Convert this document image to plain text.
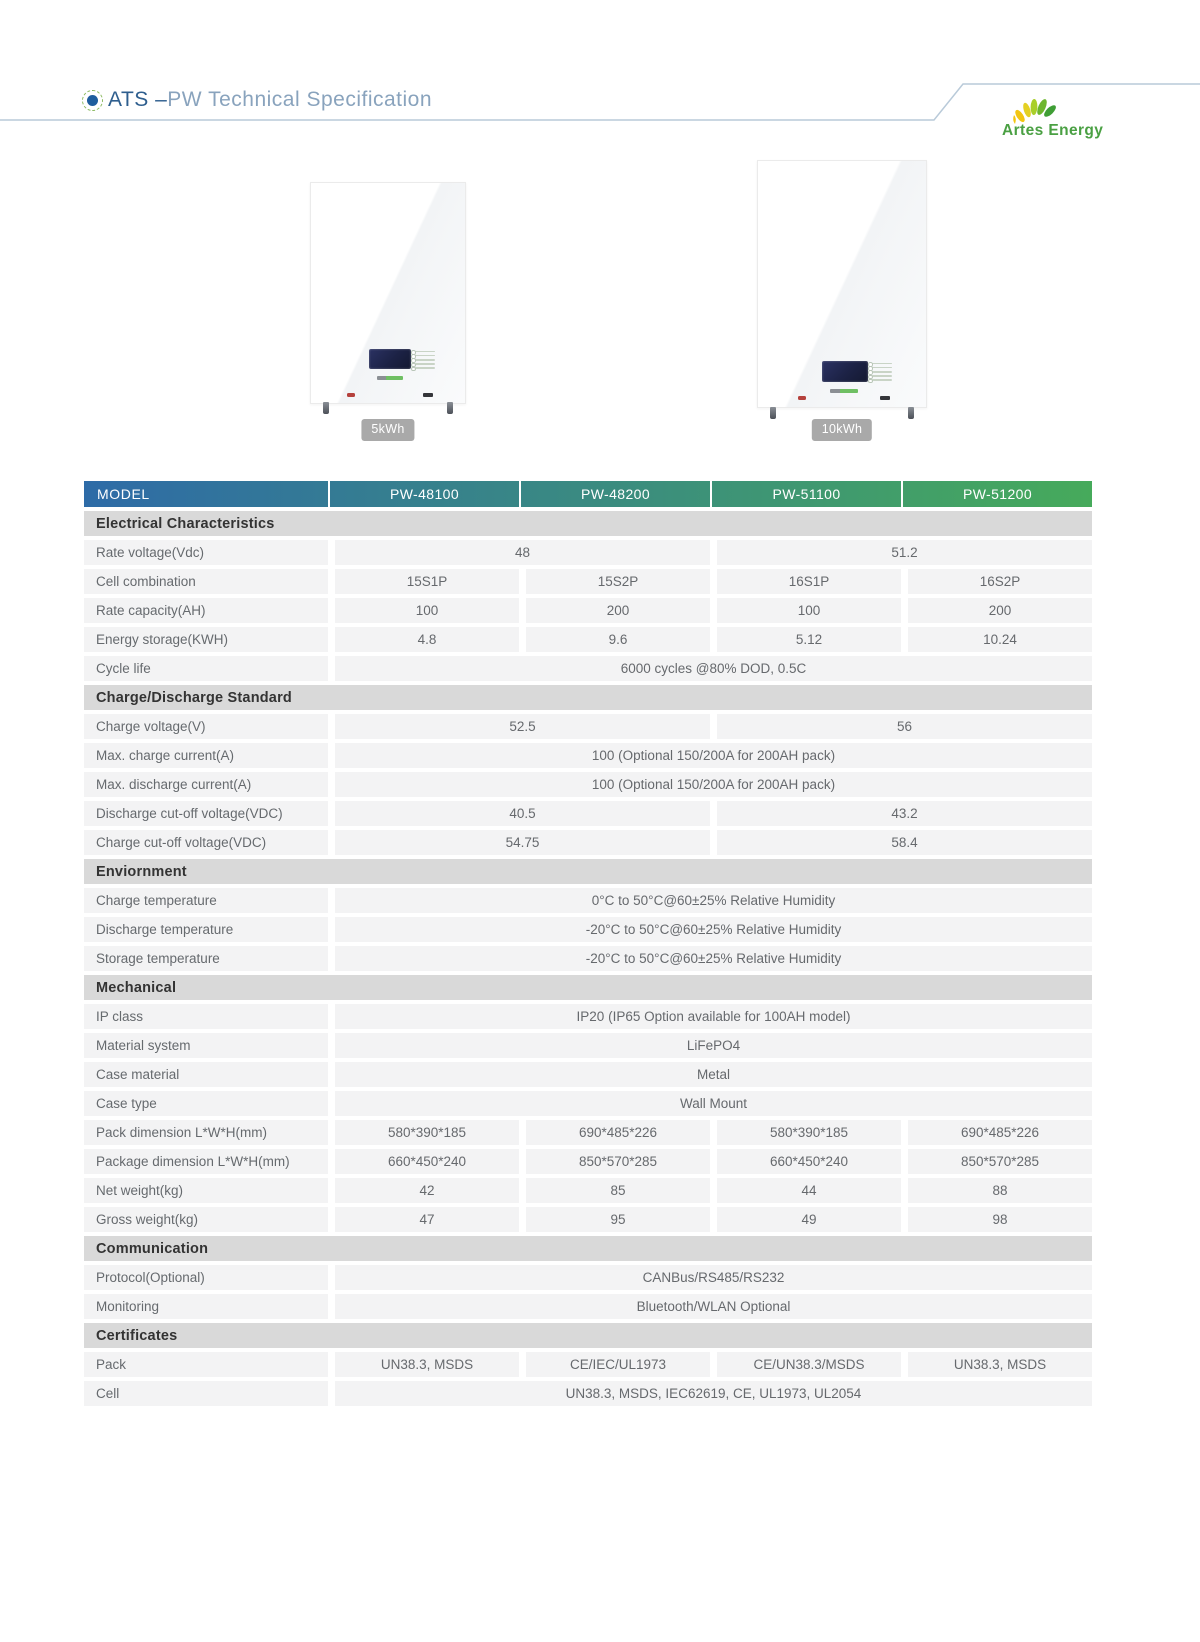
ATS – PW Technical Specification
Artes Energy
5kWh	10kWh
MODEL	PW-48100	PW-48200	PW-51100	PW-51200
Electrical Characteristics
Rate voltage(Vdc)	48	51.2
Cell combination	15S1P	15S2P	16S1P	16S2P
Rate capacity(AH)	100	200	100	200
Energy storage(KWH)	4.8	9.6	5.12	10.24
Cycle life	6000 cycles @80% DOD, 0.5C
Charge/Discharge Standard
Charge voltage(V)	52.5	56
Max. charge current(A)	100 (Optional 150/200A for 200AH pack)
Max. discharge current(A)	100 (Optional 150/200A for 200AH pack)
Discharge cut-off voltage(VDC)	40.5	43.2
Charge cut-off voltage(VDC)	54.75	58.4
Enviornment
Charge temperature	0°C to 50°C@60±25% Relative Humidity
Discharge temperature	-20°C to 50°C@60±25% Relative Humidity
Storage temperature	-20°C to 50°C@60±25% Relative Humidity
Mechanical
IP class	IP20 (IP65 Option available for 100AH model)
Material system	LiFePO4
Case material	Metal
Case type	Wall Mount
Pack dimension L*W*H(mm)	580*390*185	690*485*226	580*390*185	690*485*226
Package dimension L*W*H(mm)	660*450*240	850*570*285	660*450*240	850*570*285
Net weight(kg)	42	85	44	88
Gross weight(kg)	47	95	49	98
Communication
Protocol(Optional)	CANBus/RS485/RS232
Monitoring	Bluetooth/WLAN Optional
Certificates
Pack	UN38.3, MSDS	CE/IEC/UL1973	CE/UN38.3/MSDS	UN38.3, MSDS
Cell	UN38.3, MSDS, IEC62619, CE, UL1973, UL2054
